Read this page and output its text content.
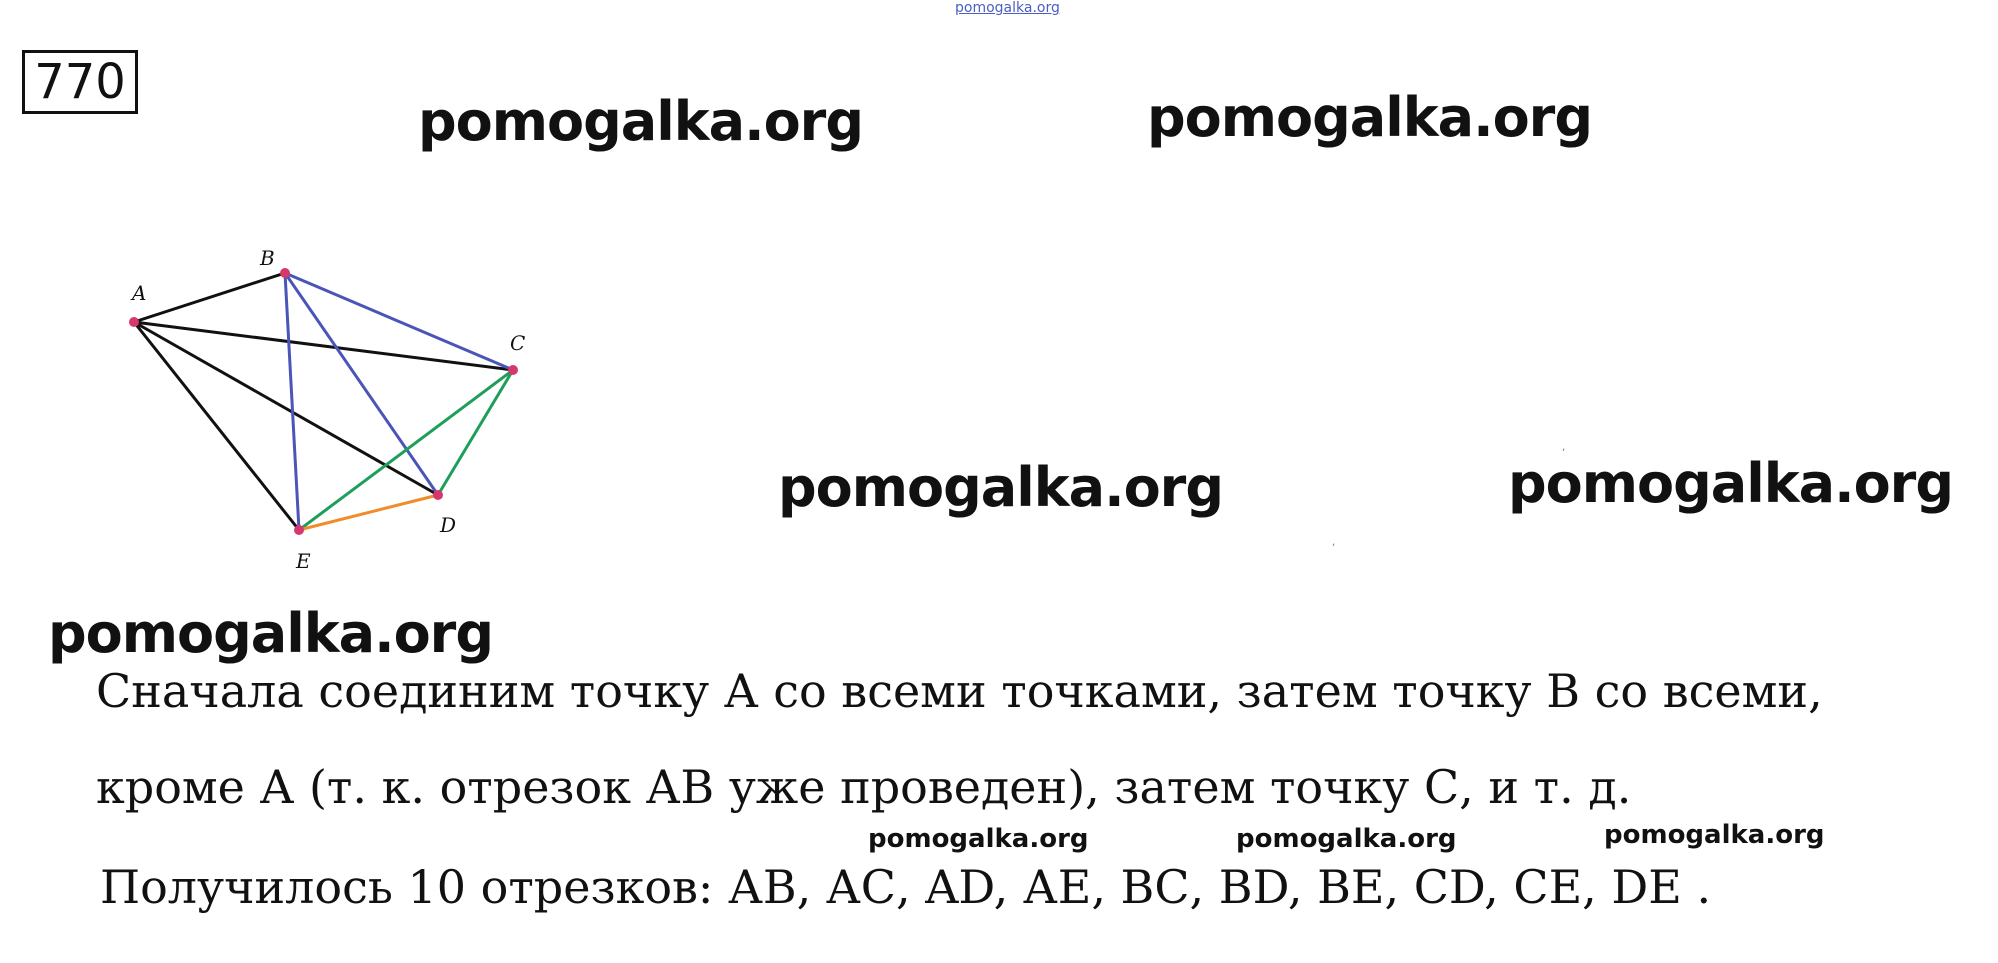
pomogalka.org
770
pomogalka.org	pomogalka.org
pomogalka.org	pomogalka.org
pomogalka.org
pomogalka.org	pomogalka.org	pomogalka.org
A
B
C
D
E
Сначала соединим точку А со всеми точками, затем точку В со всеми,
кроме А (т. к. отрезок АВ уже проведен), затем точку С, и т. д.
Получилось 10 отрезков: АВ, АС, AD, АЕ, ВС, BD, BE, CD, СЕ, DE .
,
,
